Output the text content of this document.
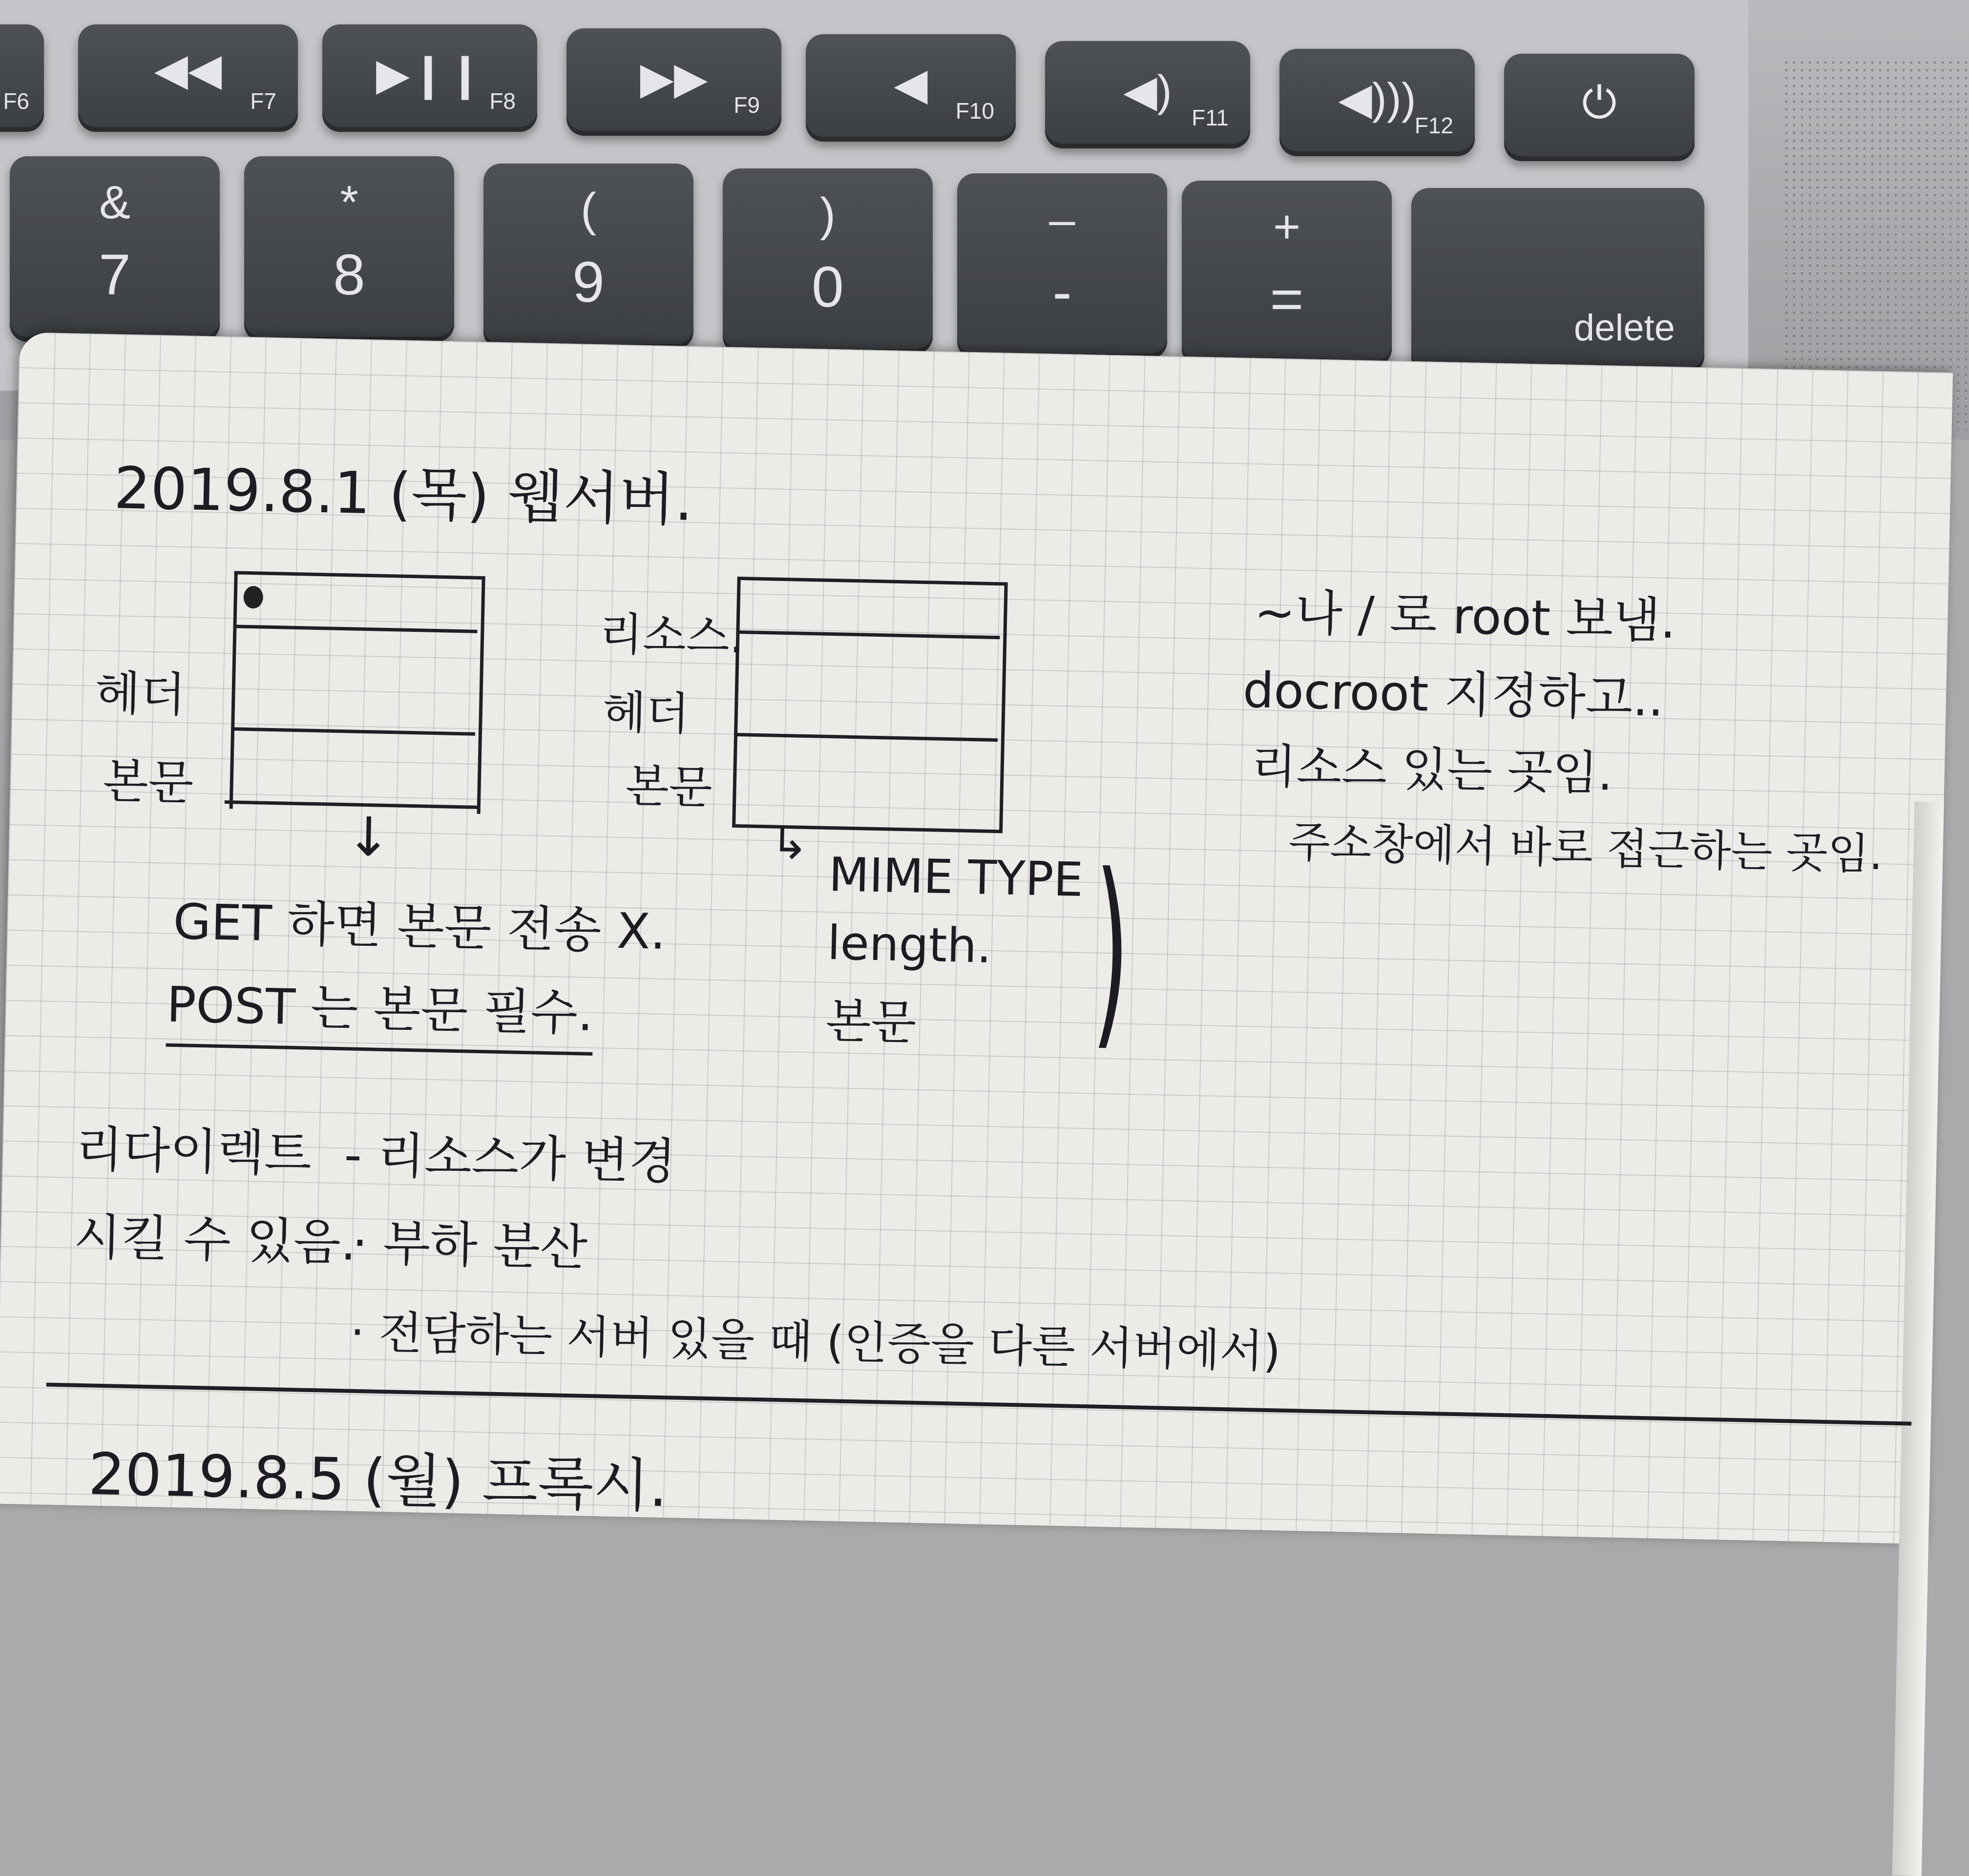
F6
◀◀
F7
▶❙❙
F8	▶▶
F9	◀
F10	◀)
F11	◀)))
F12	⏻
&
7
*
8
(
9
)
0
–
-
+
=	delete
2019.8.1 (목) 웹서버.
헤더
본문
↓
리소스.
헤더
본문
↳
MIME TYPE
length.
본문 )
GET 하면 본문 전송 X.
POST 는 본문 필수.
~나 / 로 root 보냄.
docroot 지정하고..
리소스 있는 곳임.
주소창에서 바로 접근하는 곳임.
리다이렉트 - 리소스가 변경
시킬 수 있음.
· 부하 분산
· 전담하는 서버 있을 때 (인증을 다른 서버에서)
2019.8.5 (월) 프록시.
